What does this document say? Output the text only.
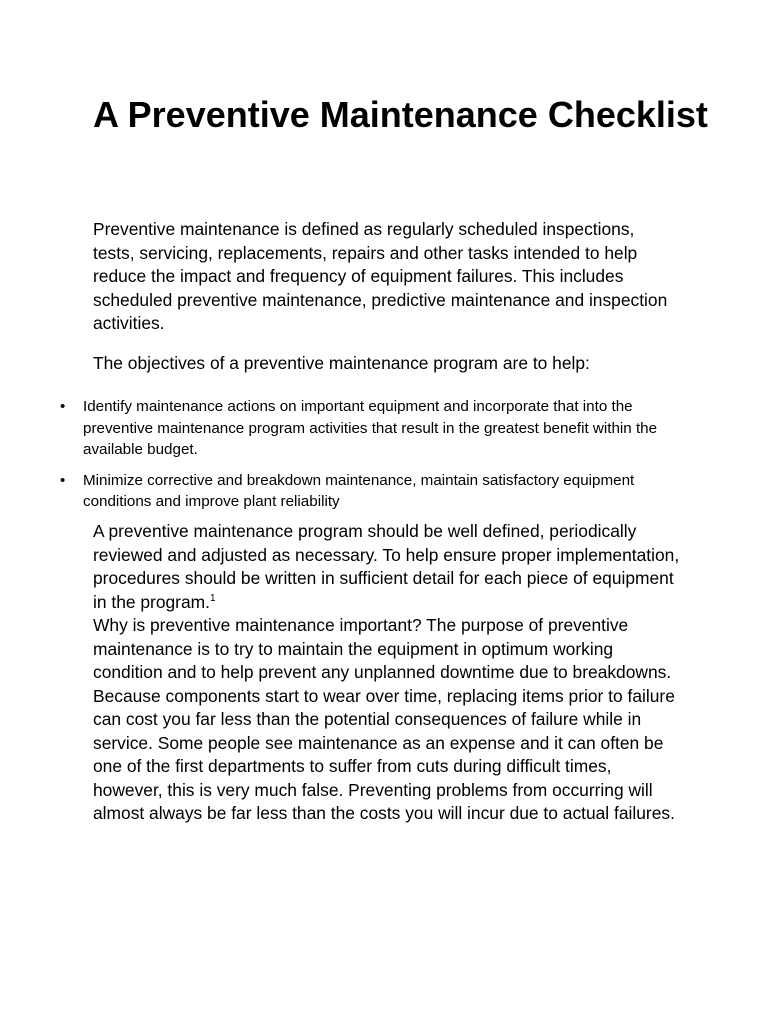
A Preventive Maintenance Checklist

Preventive maintenance is defined as regularly scheduled inspections, tests, servicing, replacements, repairs and other tasks intended to help reduce the impact and frequency of equipment failures. This includes scheduled preventive maintenance, predictive maintenance and inspection activities.

The objectives of a preventive maintenance program are to help:

• Identify maintenance actions on important equipment and incorporate that into the preventive maintenance program activities that result in the greatest benefit within the available budget.
• Minimize corrective and breakdown maintenance, maintain satisfactory equipment conditions and improve plant reliability
A preventive maintenance program should be well defined, periodically reviewed and adjusted as necessary. To help ensure proper implementation, procedures should be written in sufficient detail for each piece of equipment in the program.$^1$
Why is preventive maintenance important? The purpose of preventive maintenance is to try to maintain the equipment in optimum working condition and to help prevent any unplanned downtime due to breakdowns. Because components start to wear over time, replacing items prior to failure can cost you far less than the potential consequences of failure while in service. Some people see maintenance as an expense and it can often be one of the first departments to suffer from cuts during difficult times, however, this is very much false. Preventing problems from occurring will almost always be far less than the costs you will incur due to actual failures.
